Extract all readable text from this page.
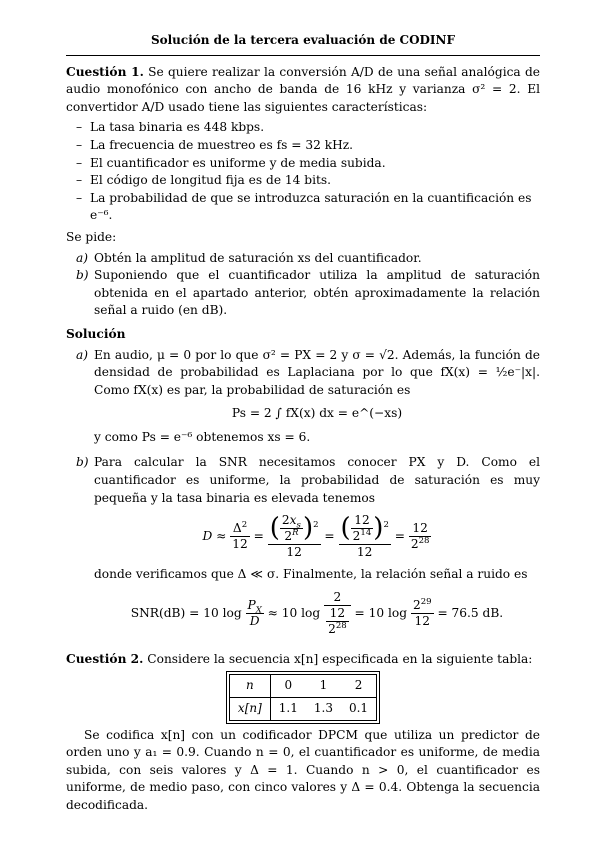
Solución de la tercera evaluación de CODINF

Cuestión 1. Se quiere realizar la conversión A/D de una señal analógica de audio monofónico con ancho de banda de 16 kHz y varianza σ² = 2. El convertidor A/D usado tiene las siguientes características:

– La tasa binaria es 448 kbps.
– La frecuencia de muestreo es fs = 32 kHz.
– El cuantificador es uniforme y de media subida.
– El código de longitud fija es de 14 bits.
– La probabilidad de que se introduzca saturación en la cuantificación es e⁻⁶.

Se pide:

a) Obtén la amplitud de saturación xs del cuantificador.
b) Suponiendo que el cuantificador utiliza la amplitud de saturación obtenida en el apartado anterior, obtén aproximadamente la relación señal a ruido (en dB).
Solución
a) En audio, μ = 0 por lo que σ² = PX = 2 y σ = √2. Además, la función de densidad de probabilidad es Laplaciana por lo que fX(x) = ½e⁻|x|. Como fX(x) es par, la probabilidad de saturación es
Ps = 2 ∫ fX(x) dx = e^(−xs)
y como Ps = e⁻⁶ obtenemos xs = 6.
b) Para calcular la SNR necesitamos conocer PX y D. Como el cuantificador es uniforme, la probabilidad de saturación es muy pequeña y la tasa binaria es elevada tenemos
$D \approx \frac{\Delta^2}{12} = \frac{( \frac{2x_s}{2^R} )^2}{12} = \frac{( \frac{12}{2^{14}} )^2}{12} = \frac{12}{2^{28}}$
donde verificamos que Δ ≪ σ. Finalmente, la relación señal a ruido es
SNR(dB) = 10 $\log \frac{P_X}{D} \approx 10$ $\log \frac{2}{\frac{12}{2^{28}}} = 10$ $\log \frac{2^{29}}{12} = 76.5$ dB.

Cuestión 2. Considere la secuencia x[n] especificada en la siguiente tabla:

n	0	1	2
x[n]	1.1	1.3	0.1

Se codifica x[n] con un codificador DPCM que utiliza un predictor de orden uno y a₁ = 0.9. Cuando n = 0, el cuantificador es uniforme, de media subida, con seis valores y Δ = 1. Cuando n > 0, el cuantificador es uniforme, de medio paso, con cinco valores y Δ = 0.4. Obtenga la secuencia decodificada.
